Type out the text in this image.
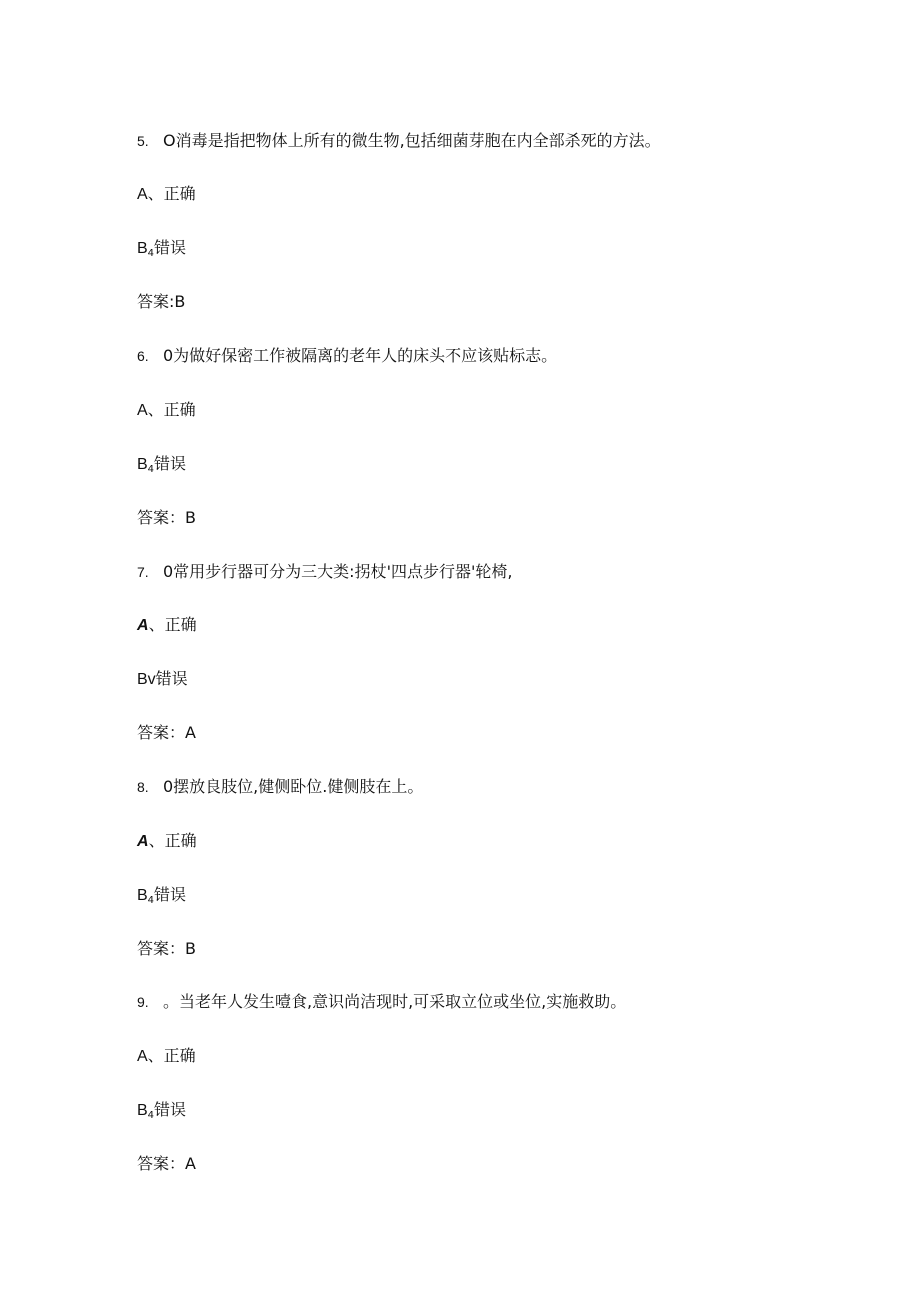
5. O消毒是指把物体上所有的微生物,包括细菌芽胞在内全部杀死的方法。
A、正确
$B_4$错误
答案:B
6. 0为做好保密工作被隔离的老年人的床头不应该贴标志。
A、正确
$B_4$错误
答案：B
7. 0常用步行器可分为三大类:拐杖'四点步行器'轮椅,
A、正确
Bv错误
答案：A
8. 0摆放良肢位,健侧卧位.健侧肢在上。
A、正确
$B_4$错误
答案：B
9. 。当老年人发生噎食,意识尚洁现时,可采取立位或坐位,实施救助。
A、正确
$B_4$错误
答案：A
